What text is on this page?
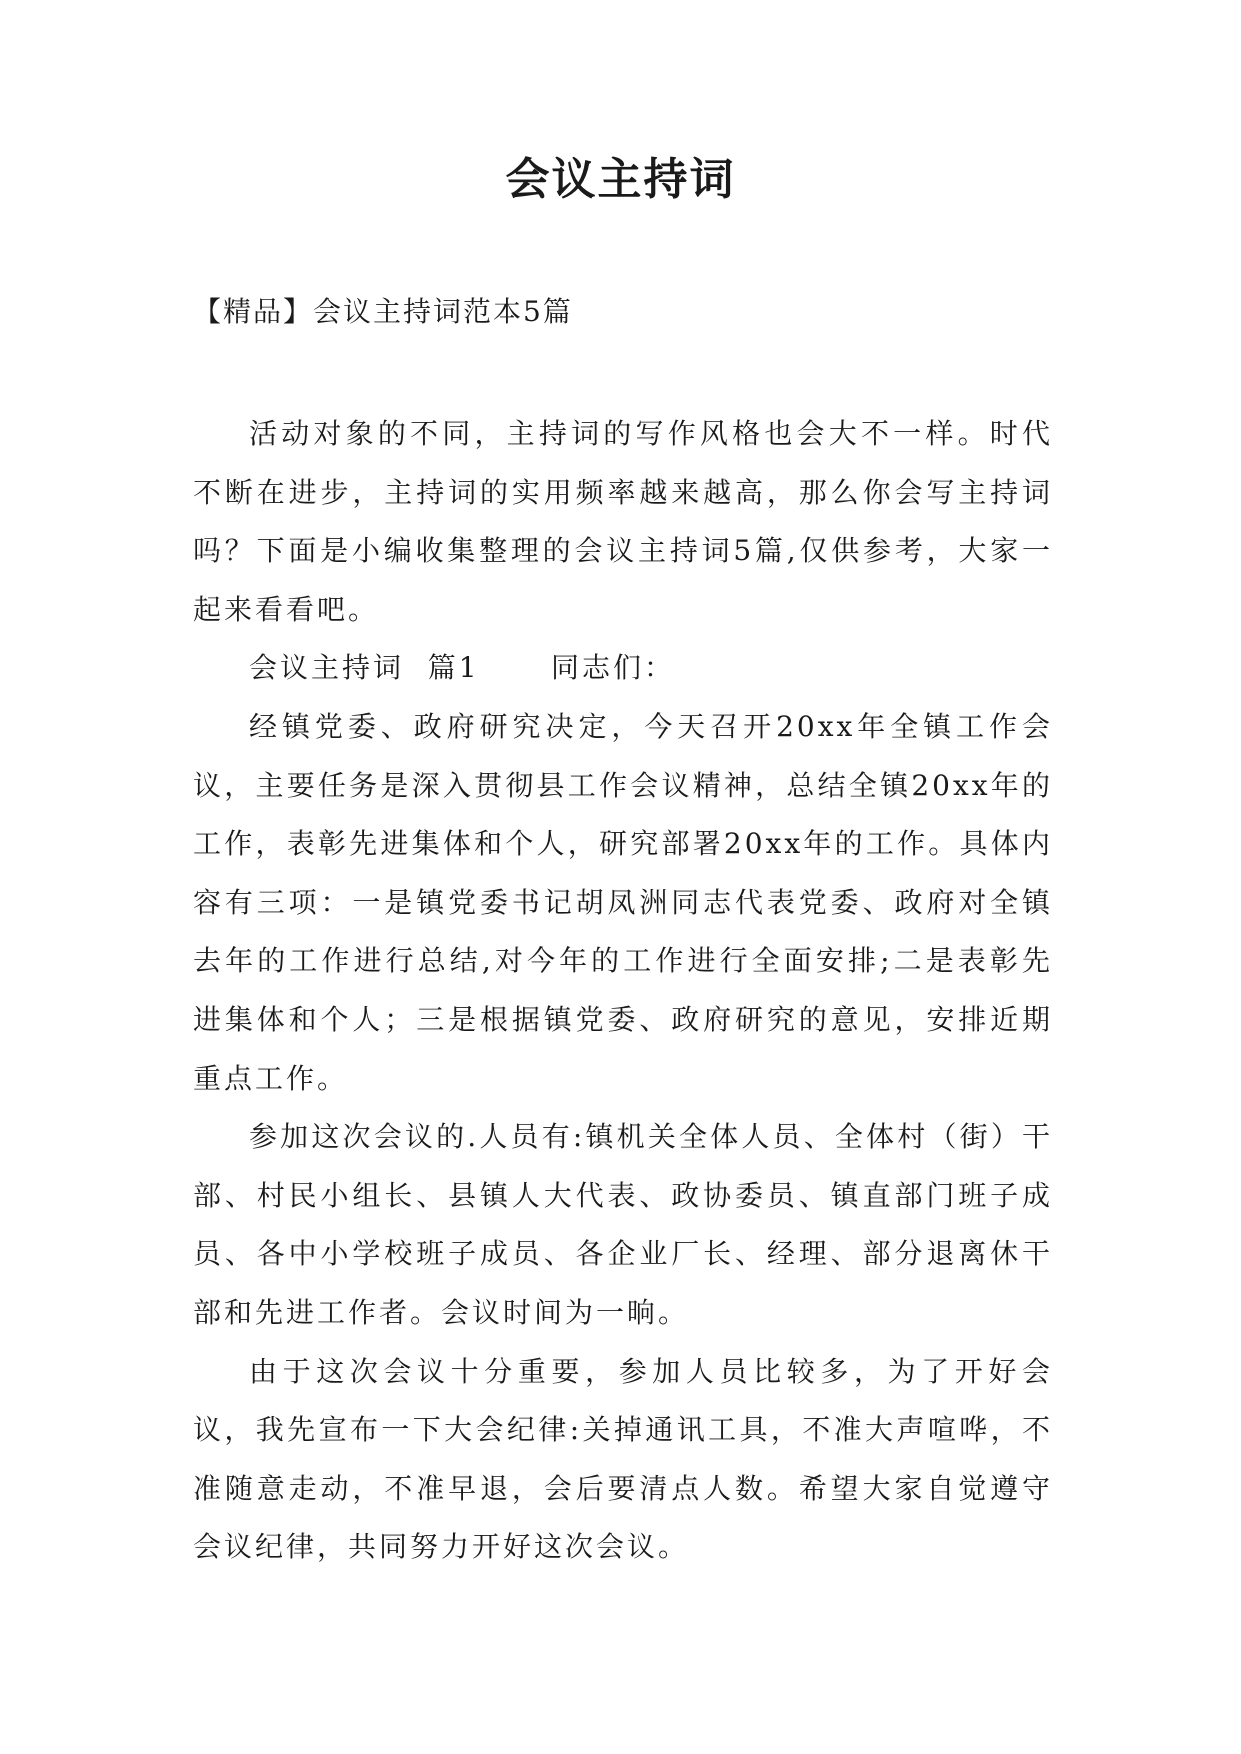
会议主持词

【精品】会议主持词范本5篇

活动对象的不同，主持词的写作风格也会大不一样。时代不断在进步，主持词的实用频率越来越高，那么你会写主持词吗？下面是小编收集整理的会议主持词5篇,仅供参考，大家一起来看看吧。

会议主持词  篇1      同志们：

经镇党委、政府研究决定，今天召开20xx年全镇工作会议，主要任务是深入贯彻县工作会议精神，总结全镇20xx年的工作，表彰先进集体和个人，研究部署20xx年的工作。具体内容有三项：一是镇党委书记胡凤洲同志代表党委、政府对全镇去年的工作进行总结,对今年的工作进行全面安排;二是表彰先进集体和个人；三是根据镇党委、政府研究的意见，安排近期重点工作。

参加这次会议的.人员有:镇机关全体人员、全体村（街）干部、村民小组长、县镇人大代表、政协委员、镇直部门班子成员、各中小学校班子成员、各企业厂长、经理、部分退离休干部和先进工作者。会议时间为一晌。

由于这次会议十分重要，参加人员比较多，为了开好会议，我先宣布一下大会纪律:关掉通讯工具，不准大声喧哗，不准随意走动，不准早退，会后要清点人数。希望大家自觉遵守会议纪律，共同努力开好这次会议。
